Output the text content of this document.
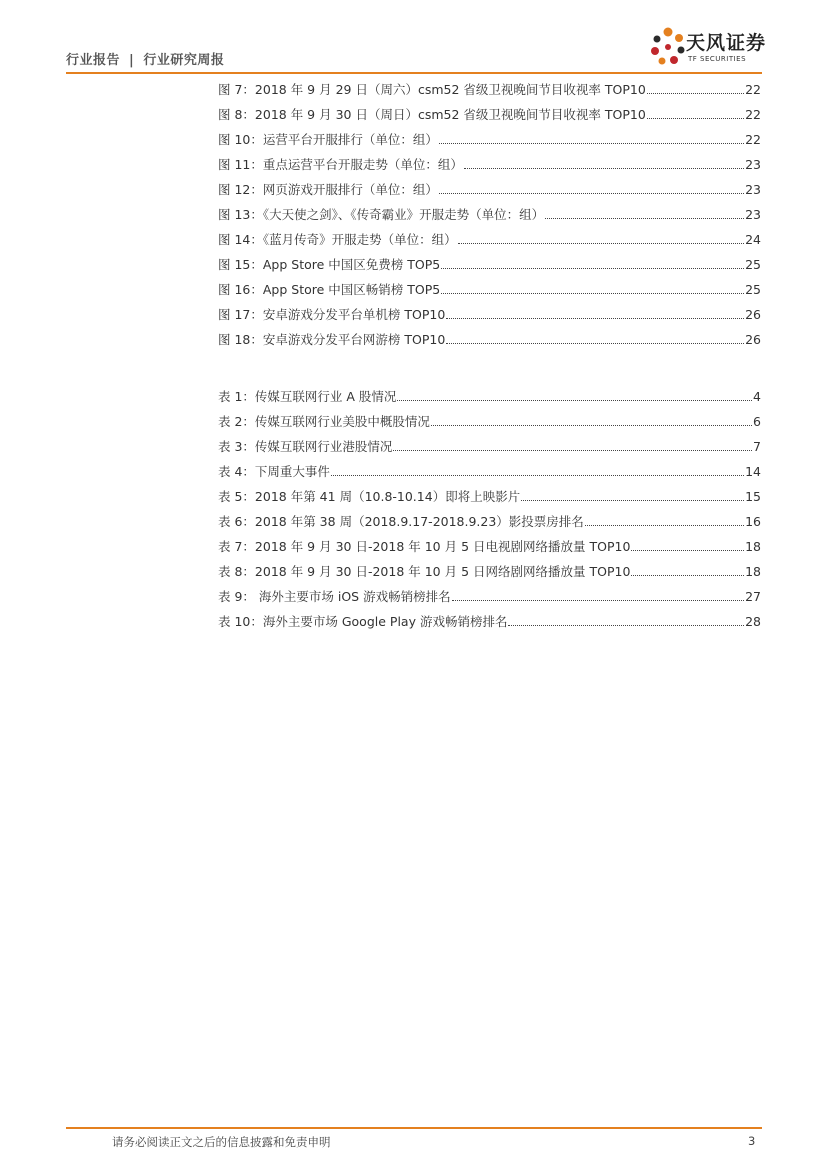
行业报告 | 行业研究周报
天风证券
TF SECURITIES
图 7：2018 年 9 月 29 日（周六）csm52 省级卫视晚间节目收视率 TOP10	22
图 8：2018 年 9 月 30 日（周日）csm52 省级卫视晚间节目收视率 TOP10	22
图 10：运营平台开服排行（单位：组）	22
图 11：重点运营平台开服走势（单位：组）	23
图 12：网页游戏开服排行（单位：组）	23
图 13：《大天使之剑》、《传奇霸业》开服走势（单位：组）	23
图 14：《蓝月传奇》开服走势（单位：组）	24
图 15：App Store 中国区免费榜 TOP5	25
图 16：App Store 中国区畅销榜 TOP5	25
图 17：安卓游戏分发平台单机榜 TOP10	26
图 18：安卓游戏分发平台网游榜 TOP10	26
表 1：传媒互联网行业 A 股情况	4
表 2：传媒互联网行业美股中概股情况	6
表 3：传媒互联网行业港股情况	7
表 4：下周重大事件	14
表 5：2018 年第 41 周（10.8-10.14）即将上映影片	15
表 6：2018 年第 38 周（2018.9.17-2018.9.23）影投票房排名	16
表 7：2018 年 9 月 30 日-2018 年 10 月 5 日电视剧网络播放量 TOP10	18
表 8：2018 年 9 月 30 日-2018 年 10 月 5 日网络剧网络播放量 TOP10	18
表 9： 海外主要市场 iOS 游戏畅销榜排名	27
表 10：海外主要市场 Google Play 游戏畅销榜排名	28
请务必阅读正文之后的信息披露和免责申明	3
